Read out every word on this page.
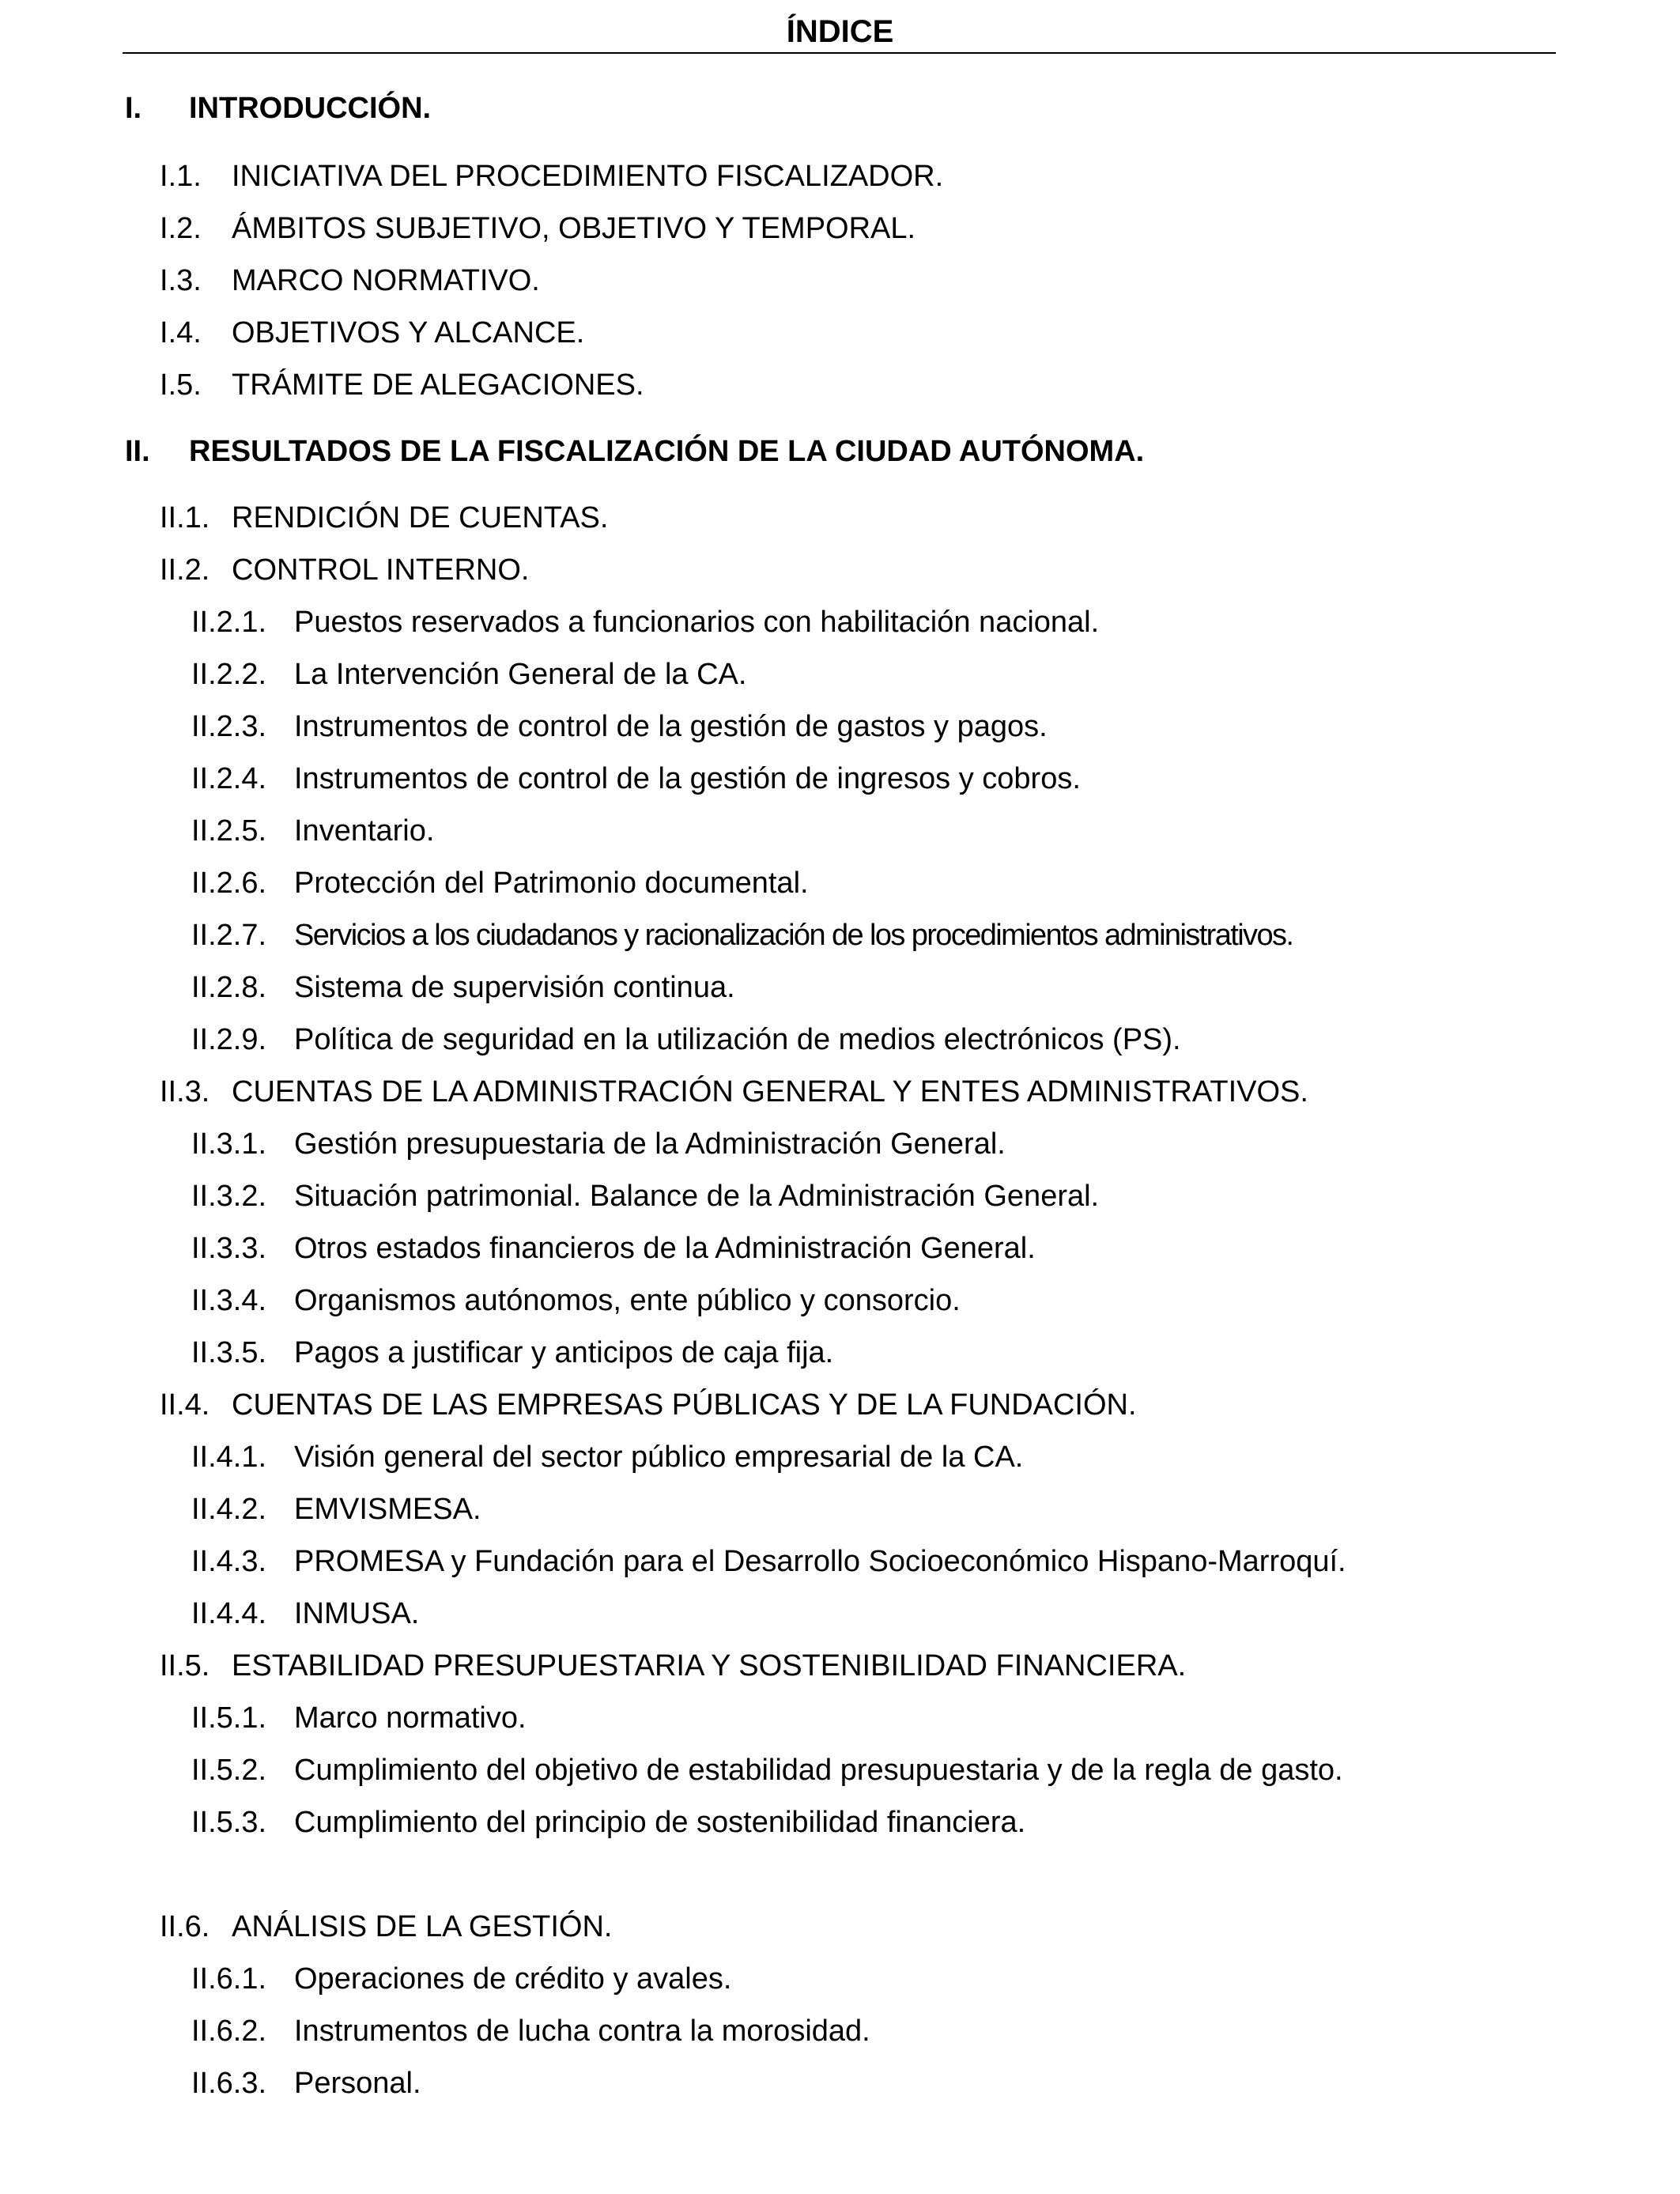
ÍNDICE
I. INTRODUCCIÓN.
I.1. INICIATIVA DEL PROCEDIMIENTO FISCALIZADOR.
I.2. ÁMBITOS SUBJETIVO, OBJETIVO Y TEMPORAL.
I.3. MARCO NORMATIVO.
I.4. OBJETIVOS Y ALCANCE.
I.5. TRÁMITE DE ALEGACIONES.
II. RESULTADOS DE LA FISCALIZACIÓN DE LA CIUDAD AUTÓNOMA.
II.1. RENDICIÓN DE CUENTAS.
II.2. CONTROL INTERNO.
II.2.1. Puestos reservados a funcionarios con habilitación nacional.
II.2.2. La Intervención General de la CA.
II.2.3. Instrumentos de control de la gestión de gastos y pagos.
II.2.4. Instrumentos de control de la gestión de ingresos y cobros.
II.2.5. Inventario.
II.2.6. Protección del Patrimonio documental.
II.2.7. Servicios a los ciudadanos y racionalización de los procedimientos administrativos.
II.2.8. Sistema de supervisión continua.
II.2.9. Política de seguridad en la utilización de medios electrónicos (PS).
II.3. CUENTAS DE LA ADMINISTRACIÓN GENERAL Y ENTES ADMINISTRATIVOS.
II.3.1. Gestión presupuestaria de la Administración General.
II.3.2. Situación patrimonial. Balance de la Administración General.
II.3.3. Otros estados financieros de la Administración General.
II.3.4. Organismos autónomos, ente público y consorcio.
II.3.5. Pagos a justificar y anticipos de caja fija.
II.4. CUENTAS DE LAS EMPRESAS PÚBLICAS Y DE LA FUNDACIÓN.
II.4.1. Visión general del sector público empresarial de la CA.
II.4.2. EMVISMESA.
II.4.3. PROMESA y Fundación para el Desarrollo Socioeconómico Hispano-Marroquí.
II.4.4. INMUSA.
II.5. ESTABILIDAD PRESUPUESTARIA Y SOSTENIBILIDAD FINANCIERA.
II.5.1. Marco normativo.
II.5.2. Cumplimiento del objetivo de estabilidad presupuestaria y de la regla de gasto.
II.5.3. Cumplimiento del principio de sostenibilidad financiera.
II.6. ANÁLISIS DE LA GESTIÓN.
II.6.1. Operaciones de crédito y avales.
II.6.2. Instrumentos de lucha contra la morosidad.
II.6.3. Personal.
